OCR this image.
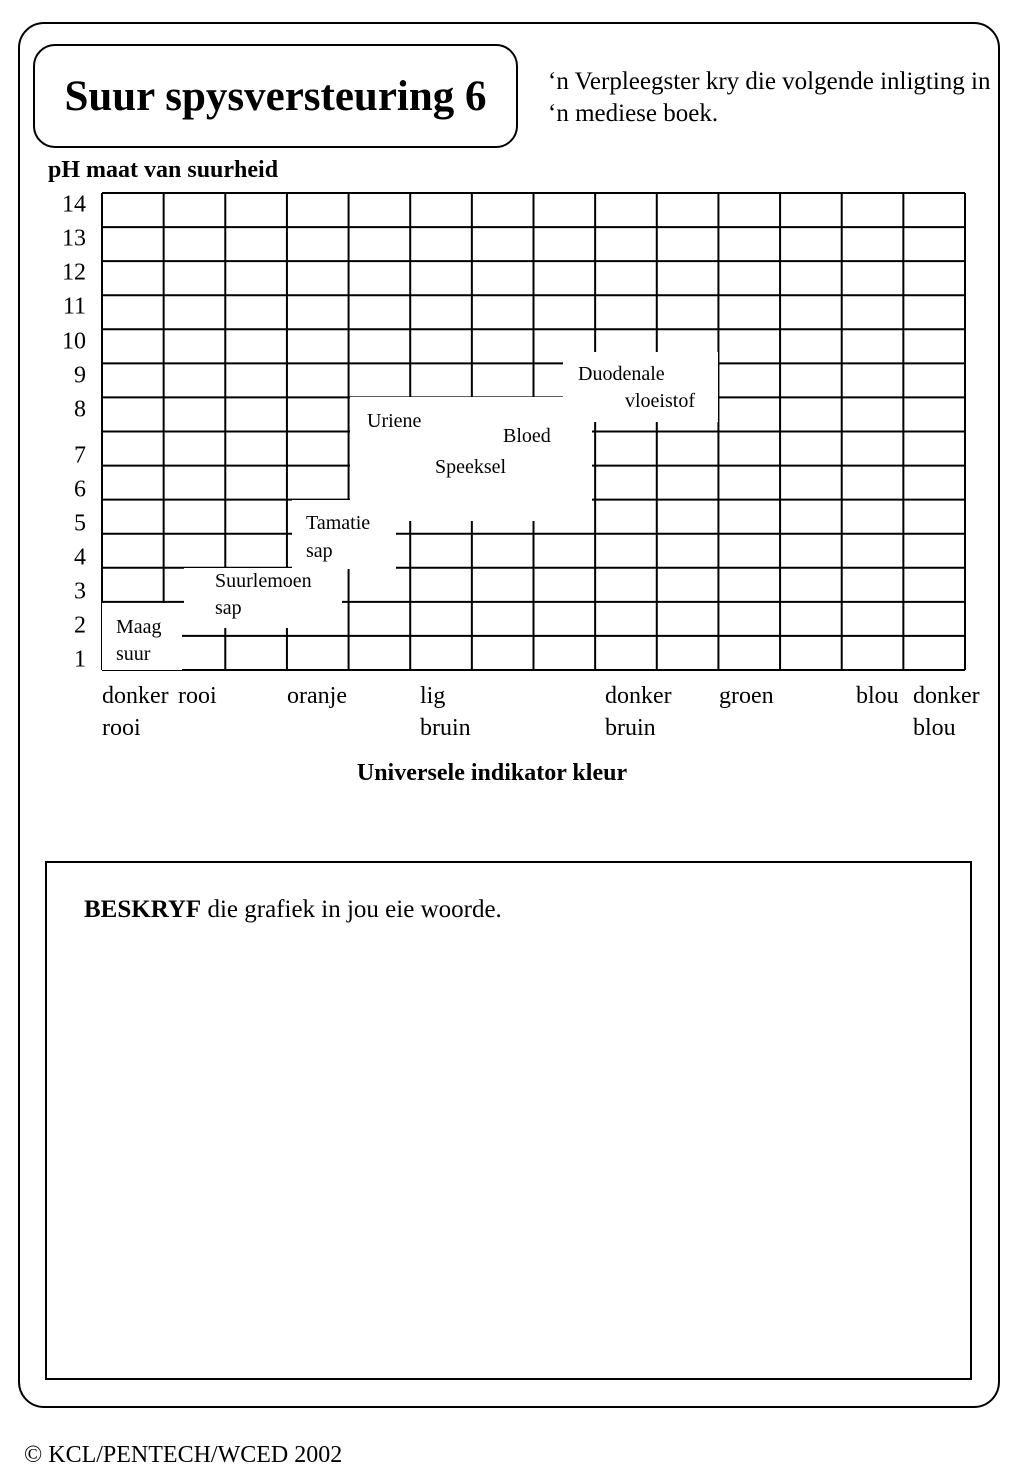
Suur spysversteuring 6 ‘n Verpleegster kry die volgende inligting in ‘n mediese boek.
pH maat van suurheid
1
2
3
4
5
6
7
8
9
10
11
12
13
14
Maag
suur
Suurlemoen
sap
Tamatie
sap
Uriene
Bloed
Speeksel
Duodenale
vloeistof
donker
rooi
rooi	oranje	lig
bruin
donker
bruin
groen	blou donker
blou
Universele indikator kleur
BESKRYF die grafiek in jou eie woorde.
© KCL/PENTECH/WCED 2002
